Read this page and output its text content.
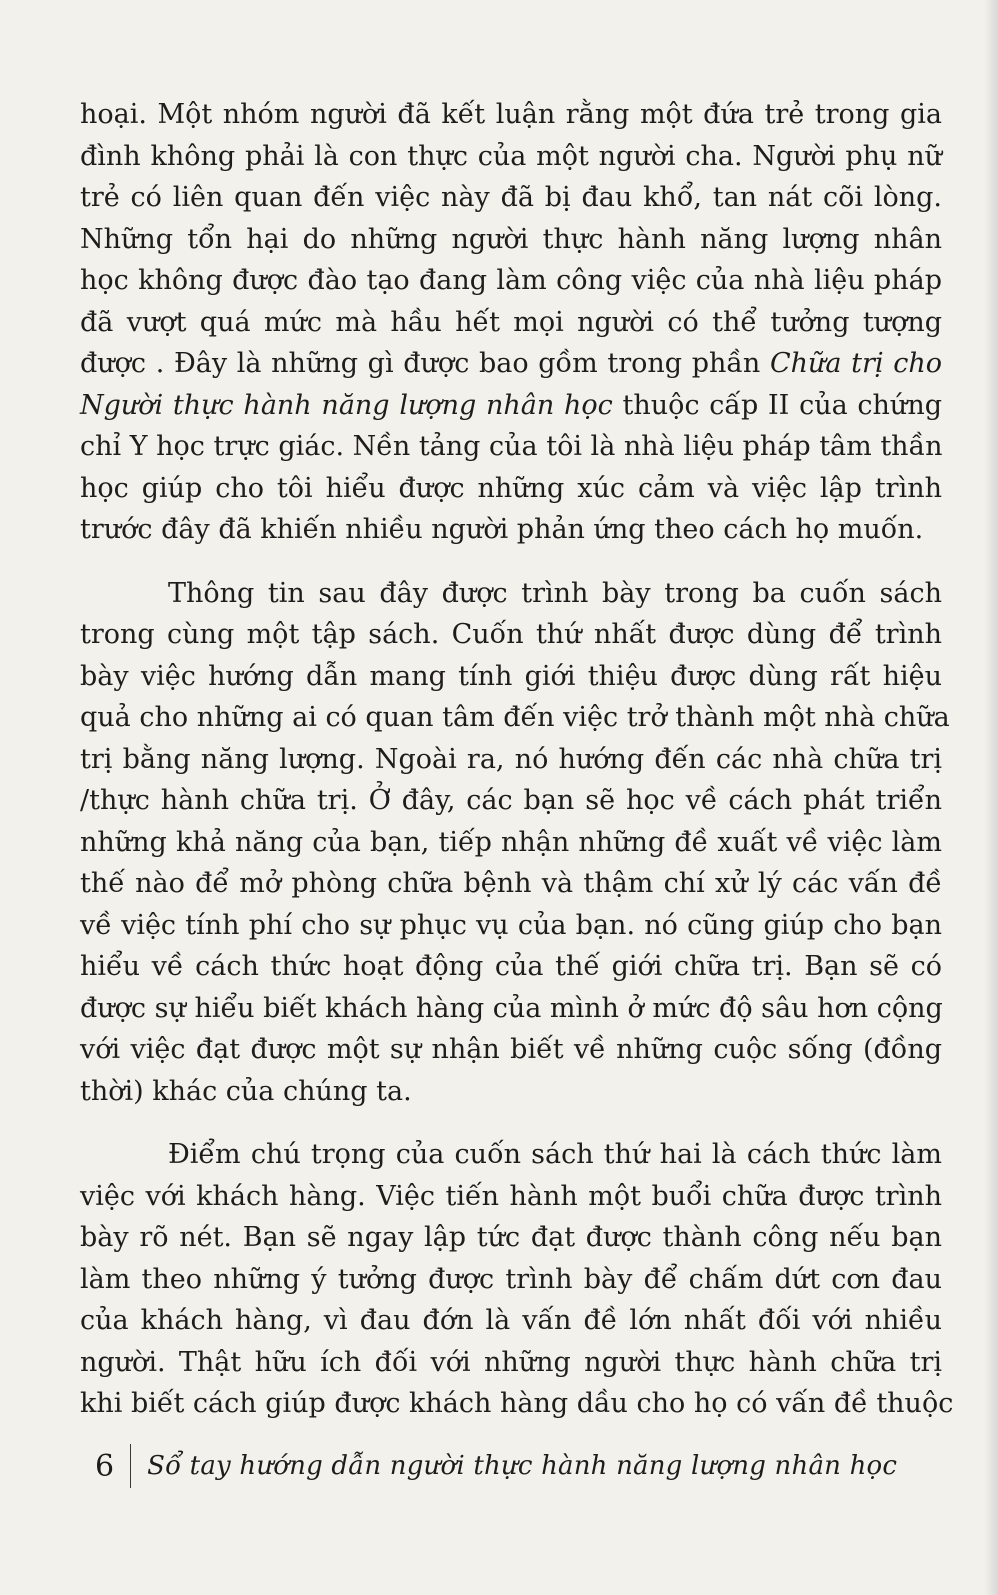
hoại. Một nhóm người đã kết luận rằng một đứa trẻ trong gia
đình không phải là con thực của một người cha. Người phụ nữ
trẻ có liên quan đến việc này đã bị đau khổ, tan nát cõi lòng.
Những tổn hại do những người thực hành năng lượng nhân
học không được đào tạo đang làm công việc của nhà liệu pháp
đã vượt quá mức mà hầu hết mọi người có thể tưởng tượng
được . Đây là những gì được bao gồm trong phần Chữa trị cho
Người thực hành năng lượng nhân học thuộc cấp II của chứng
chỉ Y học trực giác. Nền tảng của tôi là nhà liệu pháp tâm thần
học giúp cho tôi hiểu được những xúc cảm và việc lập trình
trước đây đã khiến nhiều người phản ứng theo cách họ muốn.
Thông tin sau đây được trình bày trong ba cuốn sách
trong cùng một tập sách. Cuốn thứ nhất được dùng để trình
bày việc hướng dẫn mang tính giới thiệu được dùng rất hiệu
quả cho những ai có quan tâm đến việc trở thành một nhà chữa
trị bằng năng lượng. Ngoài ra, nó hướng đến các nhà chữa trị
/thực hành chữa trị. Ở đây, các bạn sẽ học về cách phát triển
những khả năng của bạn, tiếp nhận những đề xuất về việc làm
thế nào để mở phòng chữa bệnh và thậm chí xử lý các vấn đề
về việc tính phí cho sự phục vụ của bạn. nó cũng giúp cho bạn
hiểu về cách thức hoạt động của thế giới chữa trị. Bạn sẽ có
được sự hiểu biết khách hàng của mình ở mức độ sâu hơn cộng
với việc đạt được một sự nhận biết về những cuộc sống (đồng
thời) khác của chúng ta.
Điểm chú trọng của cuốn sách thứ hai là cách thức làm
việc với khách hàng. Việc tiến hành một buổi chữa được trình
bày rõ nét. Bạn sẽ ngay lập tức đạt được thành công nếu bạn
làm theo những ý tưởng được trình bày để chấm dứt cơn đau
của khách hàng, vì đau đớn là vấn đề lớn nhất đối với nhiều
người. Thật hữu ích đối với những người thực hành chữa trị
khi biết cách giúp được khách hàng dầu cho họ có vấn đề thuộc
6	Sổ tay hướng dẫn người thực hành năng lượng nhân học
